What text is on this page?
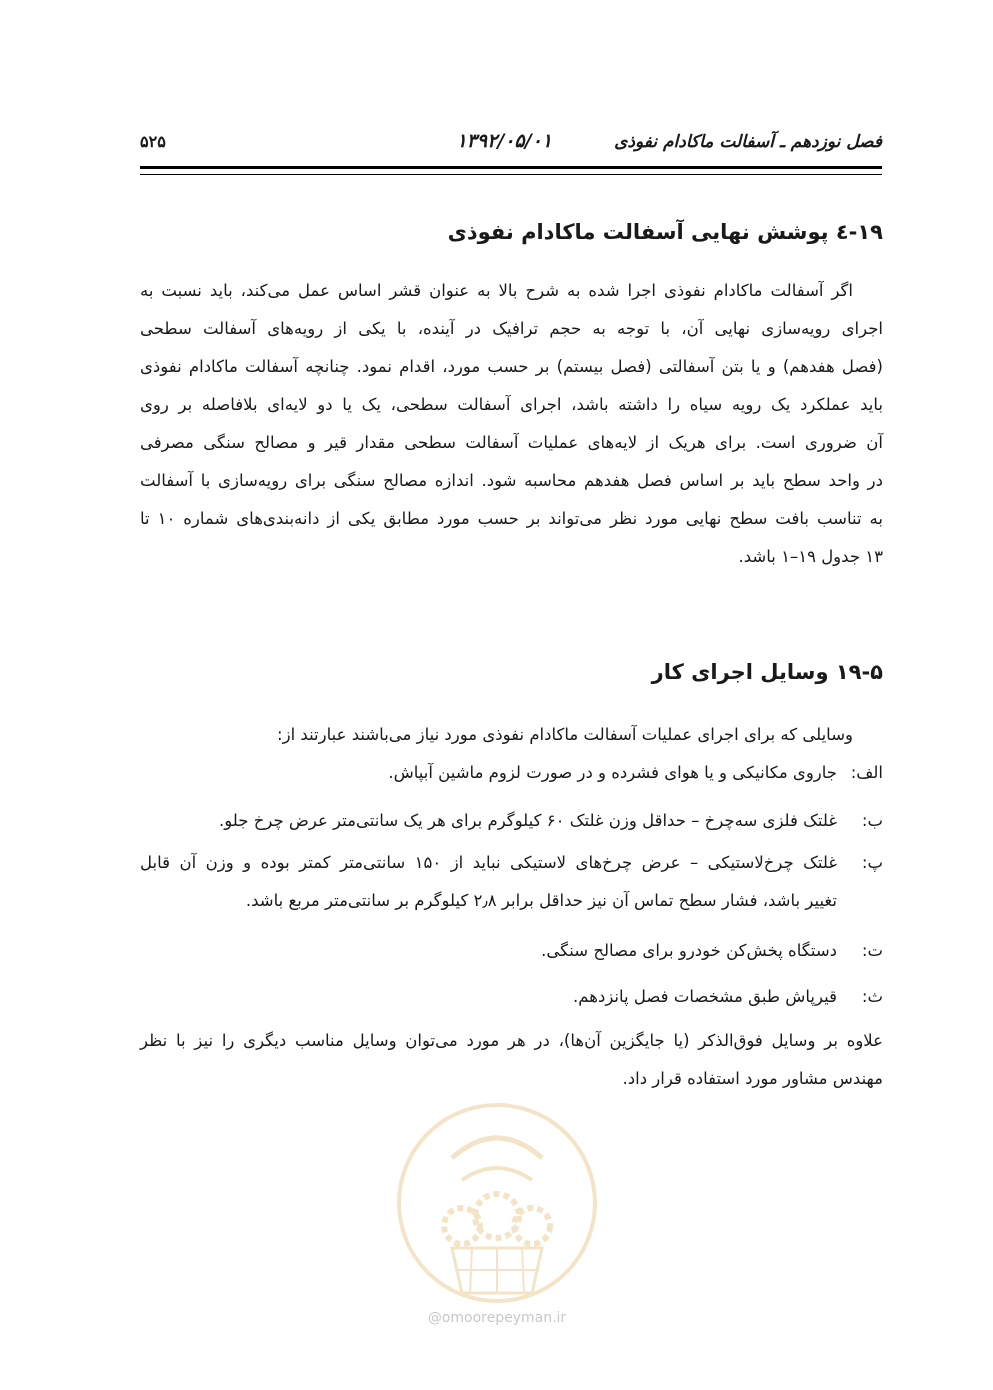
فصل نوزدهم ـ آسفالت ماکادام نفوذی
۱۳۹۲/۰۵/۰۱
۵۲۵
۱۹-٤ پوشش نهایی آسفالت ماکادام نفوذی
اگر آسفالت ماکادام نفوذی اجرا شده به شرح بالا به عنوان قشر اساس عمل می‌کند، باید نسبت به
اجرای رویه‌سازی نهایی آن، با توجه به حجم ترافیک در آینده، با یکی از رویه‌های آسفالت سطحی
(فصل هفدهم) و یا بتن آسفالتی (فصل بیستم) بر حسب مورد، اقدام نمود. چنانچه آسفالت ماکادام نفوذی
باید عملکرد یک رویه سیاه را داشته باشد، اجرای آسفالت سطحی، یک یا دو لایه‌ای بلافاصله بر روی
آن ضروری است. برای هریک از لایه‌های عملیات آسفالت سطحی مقدار قیر و مصالح سنگی مصرفی
در واحد سطح باید بر اساس فصل هفدهم محاسبه شود. اندازه مصالح سنگی برای رویه‌سازی با آسفالت
به تناسب بافت سطح نهایی مورد نظر می‌تواند بر حسب مورد مطابق یکی از دانه‌بندی‌های شماره ۱۰ تا
۱۳ جدول ۱۹–۱ باشد.
۱۹-۵ وسایل اجرای کار

وسایلی که برای اجرای عملیات آسفالت ماکادام نفوذی مورد نیاز می‌باشند عبارتند از:

الف:
جاروی مکانیکی و یا هوای فشرده و در صورت لزوم ماشین آبپاش.
ب:
غلتک فلزی سه‌چرخ – حداقل وزن غلتک ۶۰ کیلوگرم برای هر یک سانتی‌متر عرض چرخ جلو.
پ:
غلتک چرخ‌لاستیکی – عرض چرخ‌های لاستیکی نباید از ۱۵۰ سانتی‌متر کمتر بوده و وزن آن قابل
تغییر باشد، فشار سطح تماس آن نیز حداقل برابر ۲٫۸ کیلوگرم بر سانتی‌متر مربع باشد.
ت:
دستگاه پخش‌کن خودرو برای مصالح سنگی.
ث:
قیرپاش طبق مشخصات فصل پانزدهم.
علاوه بر وسایل فوق‌الذکر (یا جایگزین آن‌ها)، در هر مورد می‌توان وسایل مناسب دیگری را نیز با نظر
مهندس مشاور مورد استفاده قرار داد.
@omoorepeyman.ir
